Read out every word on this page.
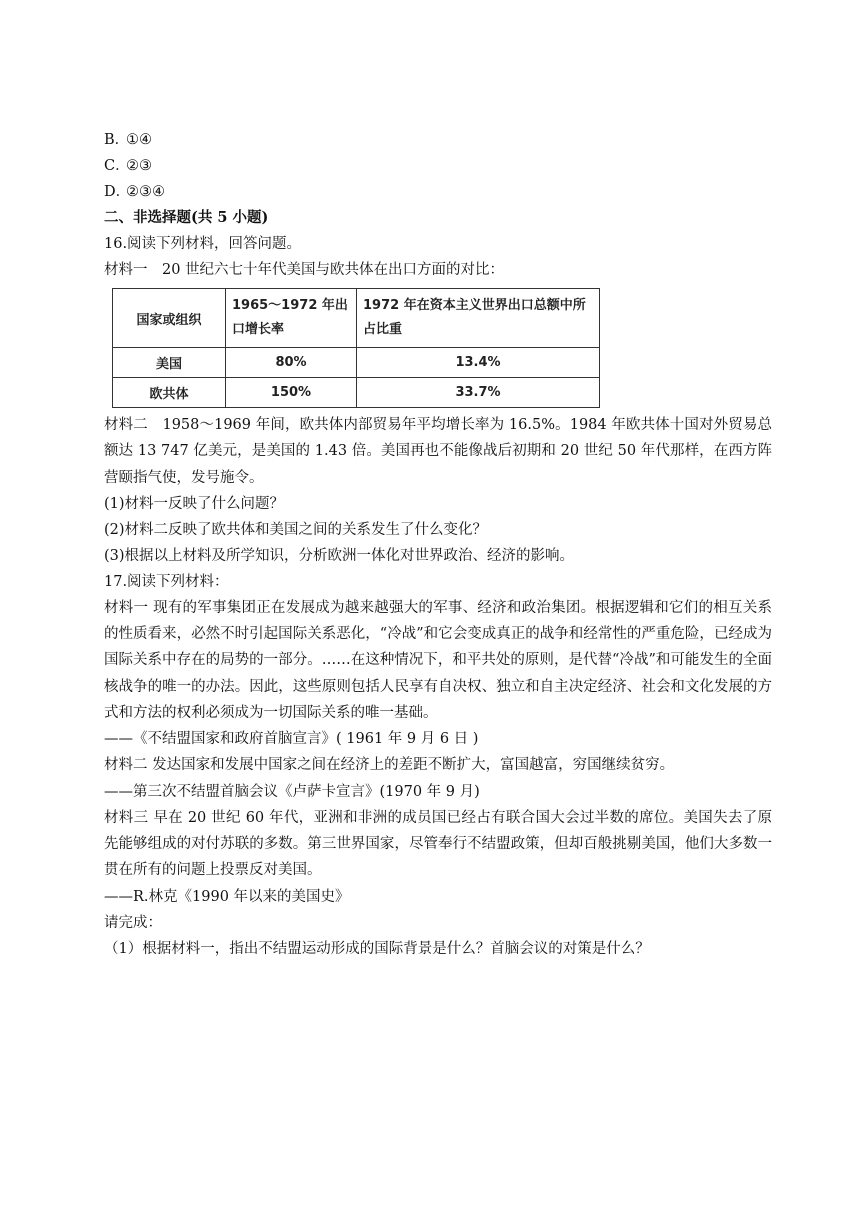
B．①④
C．②③
D．②③④
二、非选择题(共 5 小题)
16.阅读下列材料，回答问题。
材料一　20 世纪六七十年代美国与欧共体在出口方面的对比：
国家或组织	1965～1972 年出口增长率	1972 年在资本主义世界出口总额中所占比重
美国	80%	13.4%
欧共体	150%	33.7%
材料二　1958～1969 年间，欧共体内部贸易年平均增长率为 16.5%。1984 年欧共体十国对外贸易总额达 13 747 亿美元，是美国的 1.43 倍。美国再也不能像战后初期和 20 世纪 50 年代那样，在西方阵营颐指气使，发号施令。
(1)材料一反映了什么问题？
(2)材料二反映了欧共体和美国之间的关系发生了什么变化？
(3)根据以上材料及所学知识，分析欧洲一体化对世界政治、经济的影响。
17.阅读下列材料：
材料一 现有的军事集团正在发展成为越来越强大的军事、经济和政治集团。根据逻辑和它们的相互关系的性质看来，必然不时引起国际关系恶化，“冷战”和它会变成真正的战争和经常性的严重危险，已经成为国际关系中存在的局势的一部分。……在这种情况下，和平共处的原则，是代替“冷战”和可能发生的全面核战争的唯一的办法。因此，这些原则包括人民享有自决权、独立和自主决定经济、社会和文化发展的方式和方法的权利必须成为一切国际关系的唯一基础。
——《不结盟国家和政府首脑宣言》( 1961 年 9 月 6 日 )
材料二 发达国家和发展中国家之间在经济上的差距不断扩大，富国越富，穷国继续贫穷。
——第三次不结盟首脑会议《卢萨卡宣言》(1970 年 9 月)
材料三 早在 20 世纪 60 年代，亚洲和非洲的成员国已经占有联合国大会过半数的席位。美国失去了原先能够组成的对付苏联的多数。第三世界国家，尽管奉行不结盟政策，但却百般挑剔美国，他们大多数一贯在所有的问题上投票反对美国。
——R.林克《1990 年以来的美国史》
请完成：
（1）根据材料一，指出不结盟运动形成的国际背景是什么？首脑会议的对策是什么？
